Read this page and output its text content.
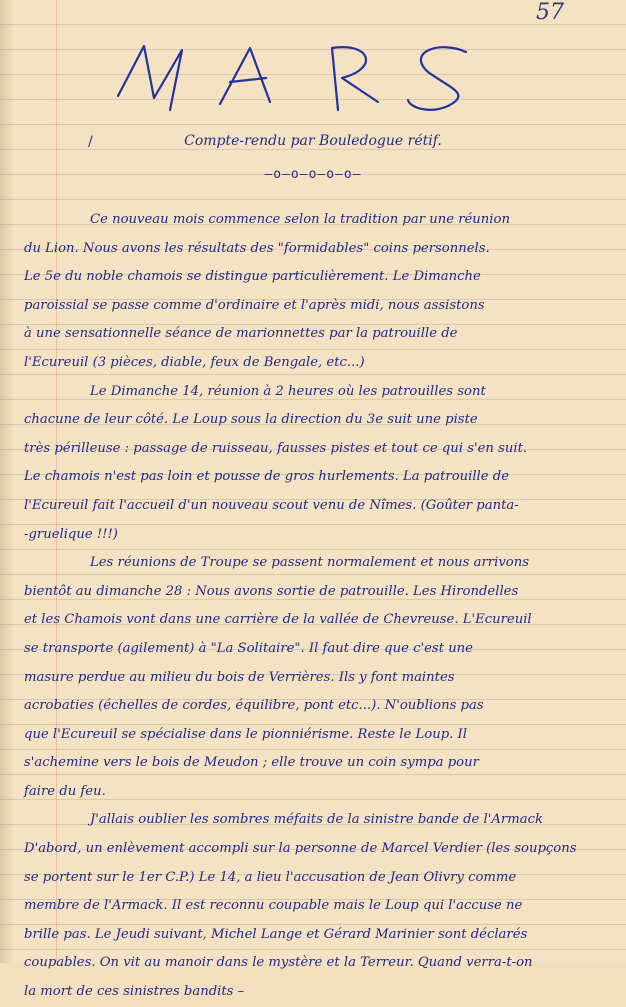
57
/	Compte-rendu par Bouledogue rétif.
—o—o—o—o—o—
Ce nouveau mois commence selon la tradition par une réunion
du Lion. Nous avons les résultats des "formidables" coins personnels.
Le 5e du noble chamois se distingue particulièrement. Le Dimanche
paroissial se passe comme d'ordinaire et l'après midi, nous assistons
à une sensationnelle séance de marionnettes par la patrouille de
l'Ecureuil (3 pièces, diable, feux de Bengale, etc...)
Le Dimanche 14, réunion à 2 heures où les patrouilles sont
chacune de leur côté. Le Loup sous la direction du 3e suit une piste
très périlleuse : passage de ruisseau, fausses pistes et tout ce qui s'en suit.
Le chamois n'est pas loin et pousse de gros hurlements. La patrouille de
l'Ecureuil fait l'accueil d'un nouveau scout venu de Nîmes. (Goûter panta-
-gruelique !!!)
Les réunions de Troupe se passent normalement et nous arrivons
bientôt au dimanche 28 : Nous avons sortie de patrouille. Les Hirondelles
et les Chamois vont dans une carrière de la vallée de Chevreuse. L'Ecureuil
se transporte (agilement) à "La Solitaire". Il faut dire que c'est une
masure perdue au milieu du bois de Verrières. Ils y font maintes
acrobaties (échelles de cordes, équilibre, pont etc...). N'oublions pas
que l'Ecureuil se spécialise dans le pionniérisme. Reste le Loup. Il
s'achemine vers le bois de Meudon ; elle trouve un coin sympa pour
faire du feu.
J'allais oublier les sombres méfaits de la sinistre bande de l'Armack
D'abord, un enlèvement accompli sur la personne de Marcel Verdier (les soupçons
se portent sur le 1er C.P.) Le 14, a lieu l'accusation de Jean Olivry comme
membre de l'Armack. Il est reconnu coupable mais le Loup qui l'accuse ne
brille pas. Le Jeudi suivant, Michel Lange et Gérard Marinier sont déclarés
coupables. On vit au manoir dans le mystère et la Terreur. Quand verra-t-on
la mort de ces sinistres bandits –
